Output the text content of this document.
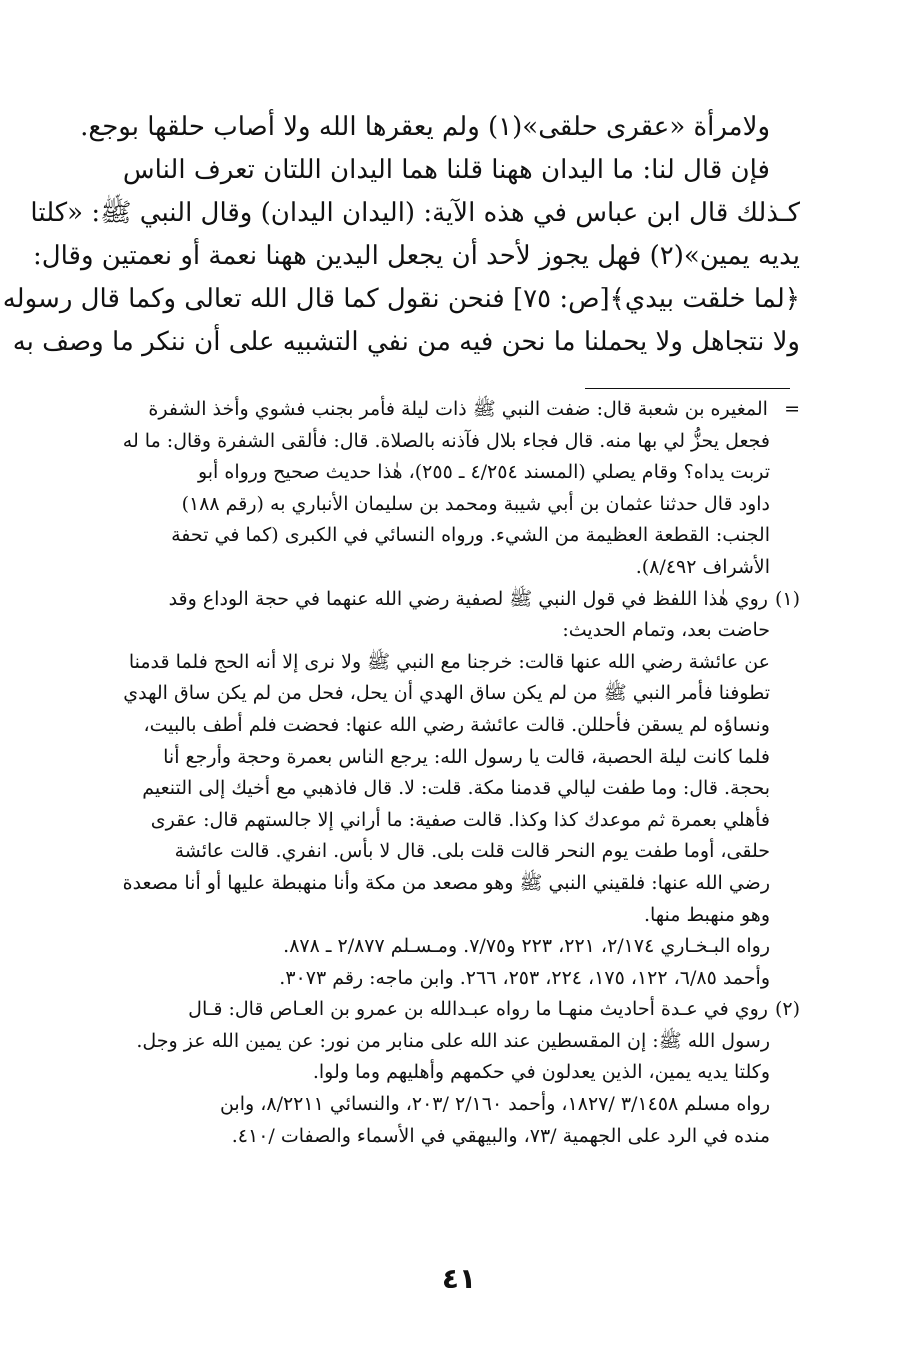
ولامرأة «عقرى حلقى»(١) ولم يعقرها الله ولا أصاب حلقها بوجع.
فإن قال لنا: ما اليدان ههنا قلنا هما اليدان اللتان تعرف الناس
كـذلك قال ابن عباس في هذه الآية: (اليدان اليدان) وقال النبي ﷺ: «كلتا
يديه يمين»(٢) فهل يجوز لأحد أن يجعل اليدين ههنا نعمة أو نعمتين وقال:
﴿لما خلقت بيدي﴾[ص: ٧٥] فنحن نقول كما قال الله تعالى وكما قال رسوله
ولا نتجاهل ولا يحملنا ما نحن فيه من نفي التشبيه على أن ننكر ما وصف به
= المغيره بن شعبة قال: ضفت النبي ﷺ ذات ليلة فأمر بجنب فشوي وأخذ الشفرة
فجعل يحزُّ لي بها منه. قال فجاء بلال فآذنه بالصلاة. قال: فألقى الشفرة وقال: ما له
تربت يداه؟ وقام يصلي (المسند ٤/٢٥٤ ـ ٢٥٥)، هٰذا حديث صحيح ورواه أبو
داود قال حدثنا عثمان بن أبي شيبة ومحمد بن سليمان الأنباري به (رقم ١٨٨)
الجنب: القطعة العظيمة من الشيء. ورواه النسائي في الكبرى (كما في تحفة
الأشراف ٨/٤٩٢).
(١) روي هٰذا اللفظ في قول النبي ﷺ لصفية رضي الله عنهما في حجة الوداع وقد
حاضت بعد، وتمام الحديث:
عن عائشة رضي الله عنها قالت: خرجنا مع النبي ﷺ ولا نرى إلا أنه الحج فلما قدمنا
تطوفنا فأمر النبي ﷺ من لم يكن ساق الهدي أن يحل، فحل من لم يكن ساق الهدي
ونساؤه لم يسقن فأحللن. قالت عائشة رضي الله عنها: فحضت فلم أطف بالبيت،
فلما كانت ليلة الحصبة، قالت يا رسول الله: يرجع الناس بعمرة وحجة وأرجع أنا
بحجة. قال: وما طفت ليالي قدمنا مكة. قلت: لا. قال فاذهبي مع أخيك إلى التنعيم
فأهلي بعمرة ثم موعدك كذا وكذا. قالت صفية: ما أراني إلا جالستهم قال: عقرى
حلقى، أوما طفت يوم النحر قالت قلت بلى. قال لا بأس. انفري. قالت عائشة
رضي الله عنها: فلقيني النبي ﷺ وهو مصعد من مكة وأنا منهبطة عليها أو أنا مصعدة
وهو منهبط منها.
رواه البـخـاري ٢/١٧٤، ٢٢١، ٢٢٣ و٧/٧٥. ومـسـلم ٢/٨٧٧ ـ ٨٧٨.
وأحمد ٦/٨٥، ١٢٢، ١٧٥، ٢٢٤، ٢٥٣، ٢٦٦. وابن ماجه: رقم ٣٠٧٣.
(٢) روي في عـدة أحاديث منهـا ما رواه عبـدالله بن عمرو بن العـاص قال: قـال
رسول الله ﷺ: إن المقسطين عند الله على منابر من نور: عن يمين الله عز وجل.
وكلتا يديه يمين، الذين يعدلون في حكمهم وأهليهم وما ولوا.
رواه مسلم ٣/١٤٥٨ /١٨٢٧، وأحمد ٢/١٦٠ /٢٠٣، والنسائي ٨/٢٢١١، وابن
منده في الرد على الجهمية /٧٣، والبيهقي في الأسماء والصفات /٤١٠.
٤١
